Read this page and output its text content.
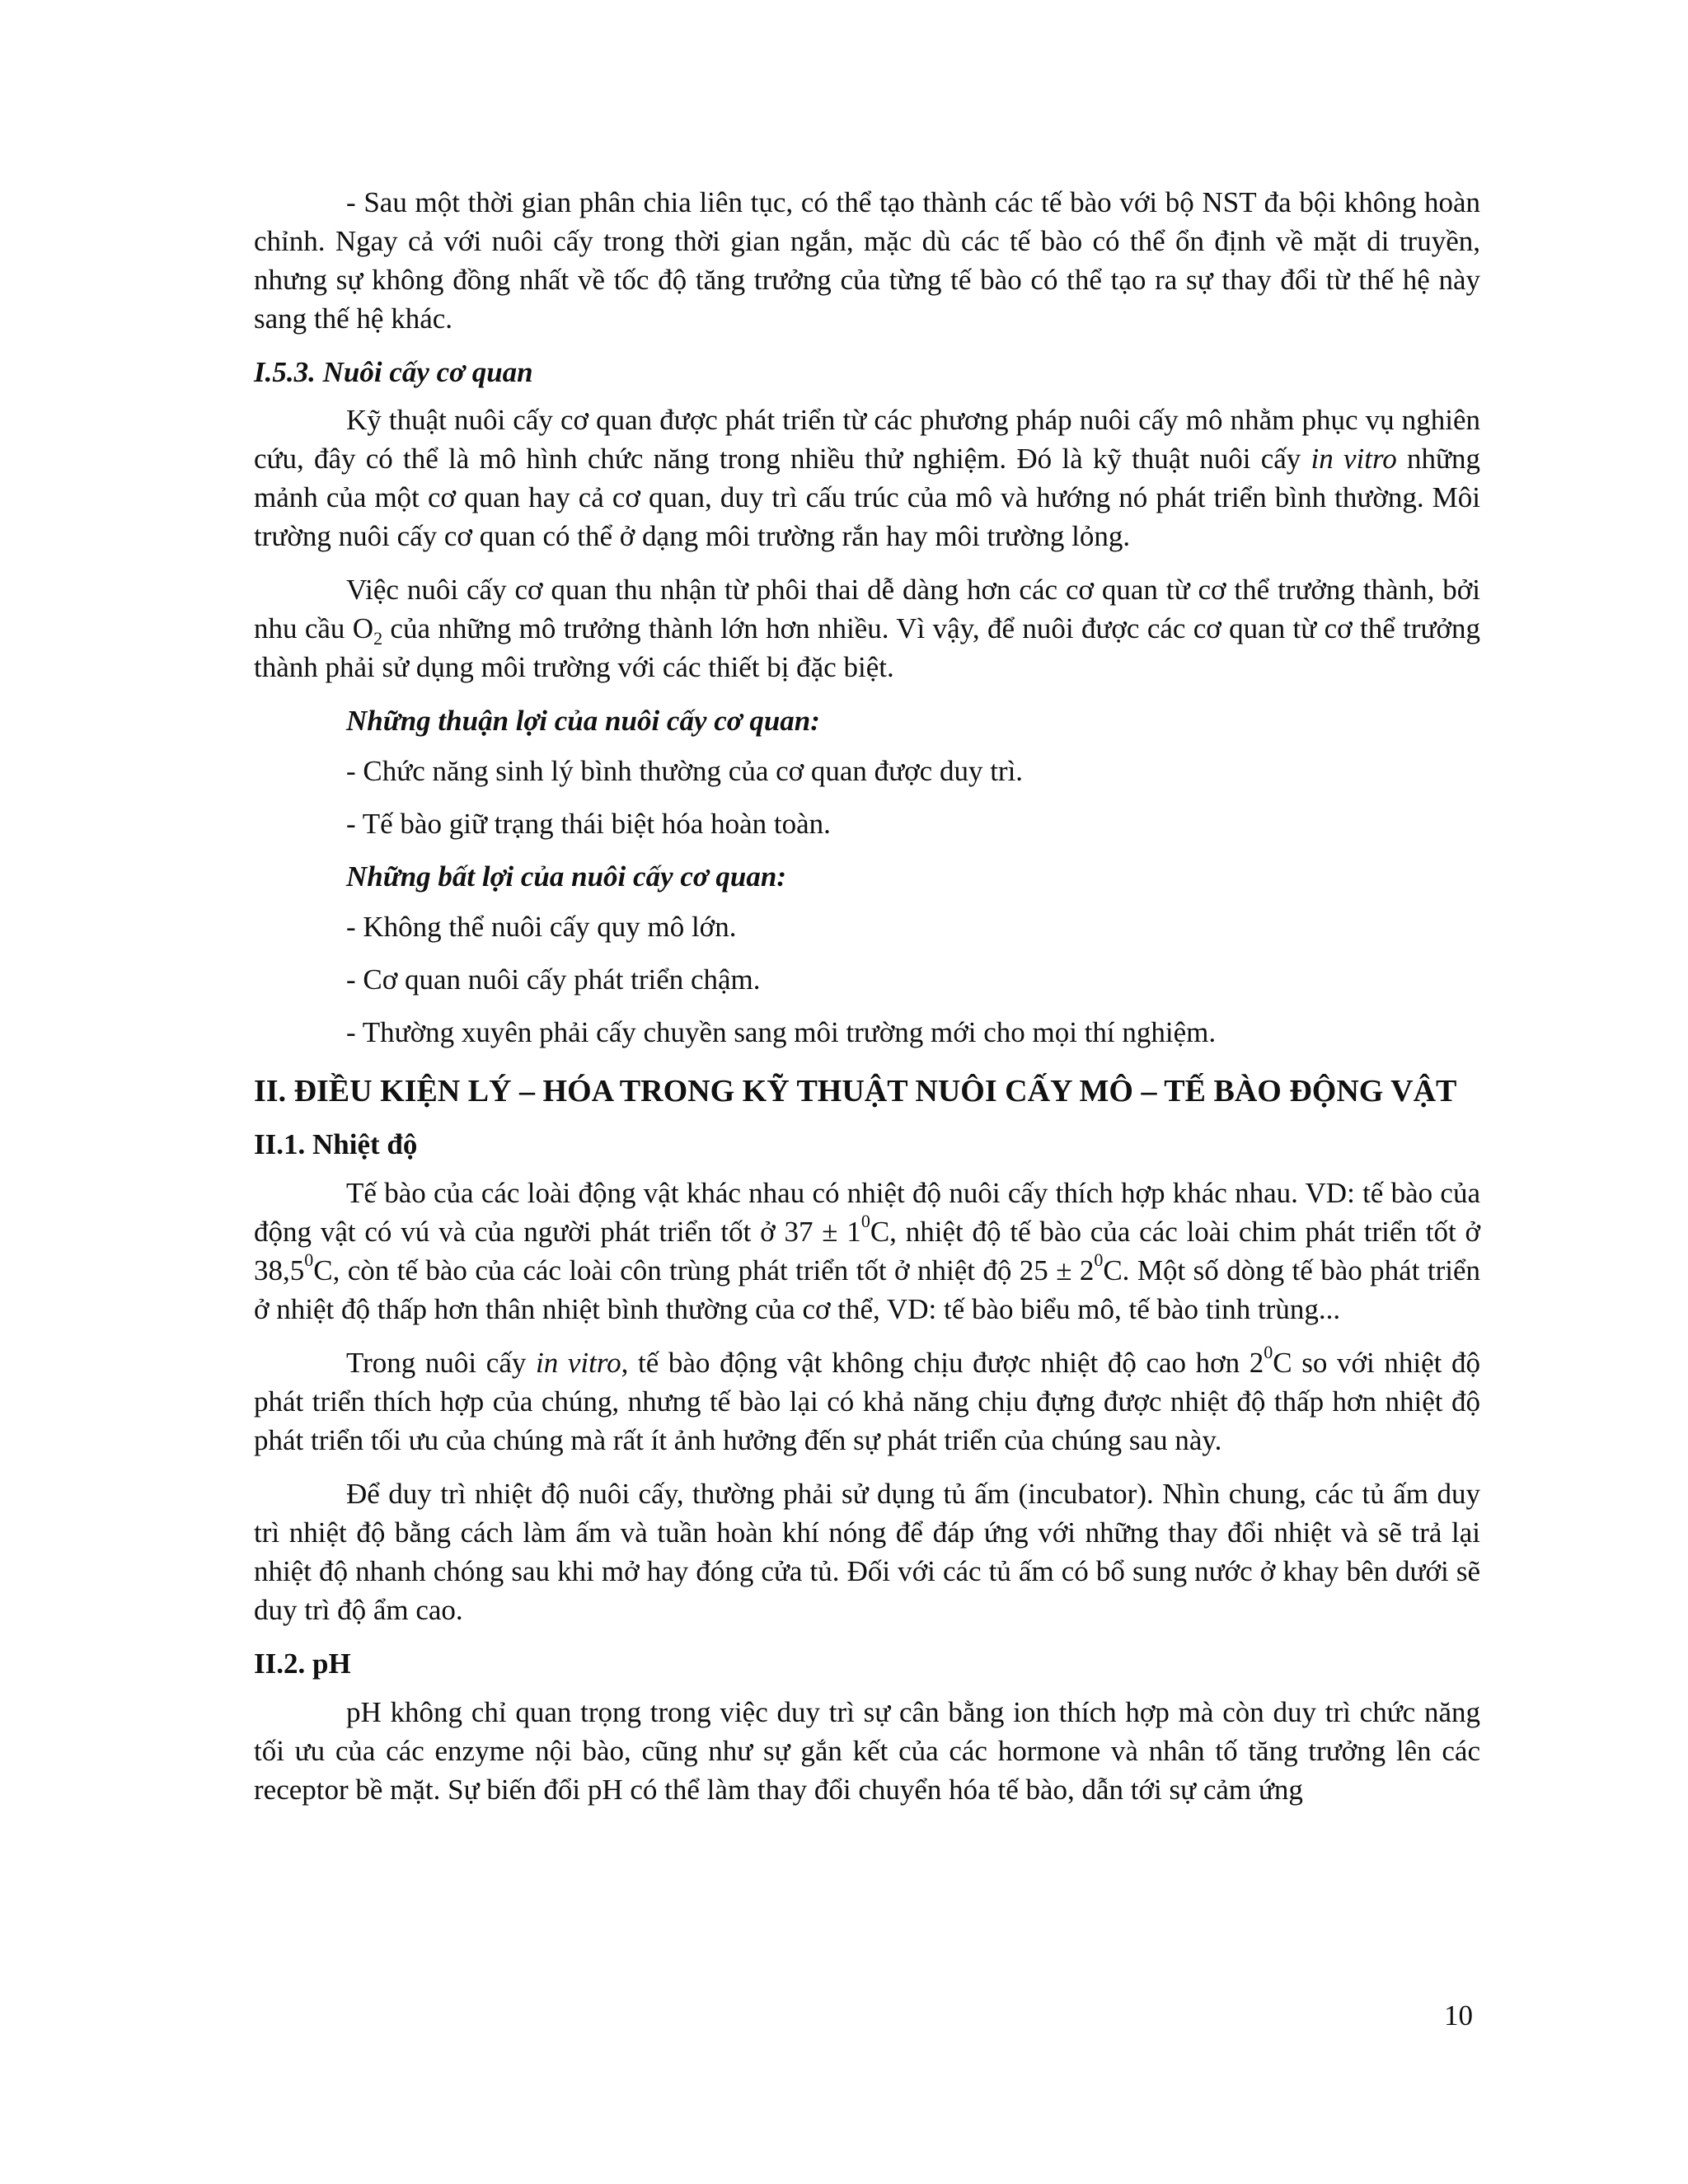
- Sau một thời gian phân chia liên tục, có thể tạo thành các tế bào với bộ NST đa bội không hoàn chỉnh. Ngay cả với nuôi cấy trong thời gian ngắn, mặc dù các tế bào có thể ổn định về mặt di truyền, nhưng sự không đồng nhất về tốc độ tăng trưởng của từng tế bào có thể tạo ra sự thay đổi từ thế hệ này sang thế hệ khác.

I.5.3. Nuôi cấy cơ quan

Kỹ thuật nuôi cấy cơ quan được phát triển từ các phương pháp nuôi cấy mô nhằm phục vụ nghiên cứu, đây có thể là mô hình chức năng trong nhiều thử nghiệm. Đó là kỹ thuật nuôi cấy in vitro những mảnh của một cơ quan hay cả cơ quan, duy trì cấu trúc của mô và hướng nó phát triển bình thường. Môi trường nuôi cấy cơ quan có thể ở dạng môi trường rắn hay môi trường lỏng.

Việc nuôi cấy cơ quan thu nhận từ phôi thai dễ dàng hơn các cơ quan từ cơ thể trưởng thành, bởi nhu cầu $O_2$ của những mô trưởng thành lớn hơn nhiều. Vì vậy, để nuôi được các cơ quan từ cơ thể trưởng thành phải sử dụng môi trường với các thiết bị đặc biệt.

Những thuận lợi của nuôi cấy cơ quan:

- Chức năng sinh lý bình thường của cơ quan được duy trì.

- Tế bào giữ trạng thái biệt hóa hoàn toàn.

Những bất lợi của nuôi cấy cơ quan:

- Không thể nuôi cấy quy mô lớn.

- Cơ quan nuôi cấy phát triển chậm.

- Thường xuyên phải cấy chuyền sang môi trường mới cho mọi thí nghiệm.

II. ĐIỀU KIỆN LÝ – HÓA TRONG KỸ THUẬT NUÔI CẤY MÔ – TẾ BÀO ĐỘNG VẬT

II.1. Nhiệt độ

Tế bào của các loài động vật khác nhau có nhiệt độ nuôi cấy thích hợp khác nhau. VD: tế bào của động vật có vú và của người phát triển tốt ở $37 \pm 1^0C$, nhiệt độ tế bào của các loài chim phát triển tốt ở 38,5$^0$C, còn tế bào của các loài côn trùng phát triển tốt ở nhiệt độ $25 \pm 2^0C$. Một số dòng tế bào phát triển ở nhiệt độ thấp hơn thân nhiệt bình thường của cơ thể, VD: tế bào biểu mô, tế bào tinh trùng...

Trong nuôi cấy in vitro, tế bào động vật không chịu được nhiệt độ cao hơn $2^0C$ so với nhiệt độ phát triển thích hợp của chúng, nhưng tế bào lại có khả năng chịu đựng được nhiệt độ thấp hơn nhiệt độ phát triển tối ưu của chúng mà rất ít ảnh hưởng đến sự phát triển của chúng sau này.

Để duy trì nhiệt độ nuôi cấy, thường phải sử dụng tủ ấm (incubator). Nhìn chung, các tủ ấm duy trì nhiệt độ bằng cách làm ấm và tuần hoàn khí nóng để đáp ứng với những thay đổi nhiệt và sẽ trả lại nhiệt độ nhanh chóng sau khi mở hay đóng cửa tủ. Đối với các tủ ấm có bổ sung nước ở khay bên dưới sẽ duy trì độ ẩm cao.

II.2. pH

pH không chỉ quan trọng trong việc duy trì sự cân bằng ion thích hợp mà còn duy trì chức năng tối ưu của các enzyme nội bào, cũng như sự gắn kết của các hormone và nhân tố tăng trưởng lên các receptor bề mặt. Sự biến đổi pH có thể làm thay đổi chuyển hóa tế bào, dẫn tới sự cảm ứng

10
